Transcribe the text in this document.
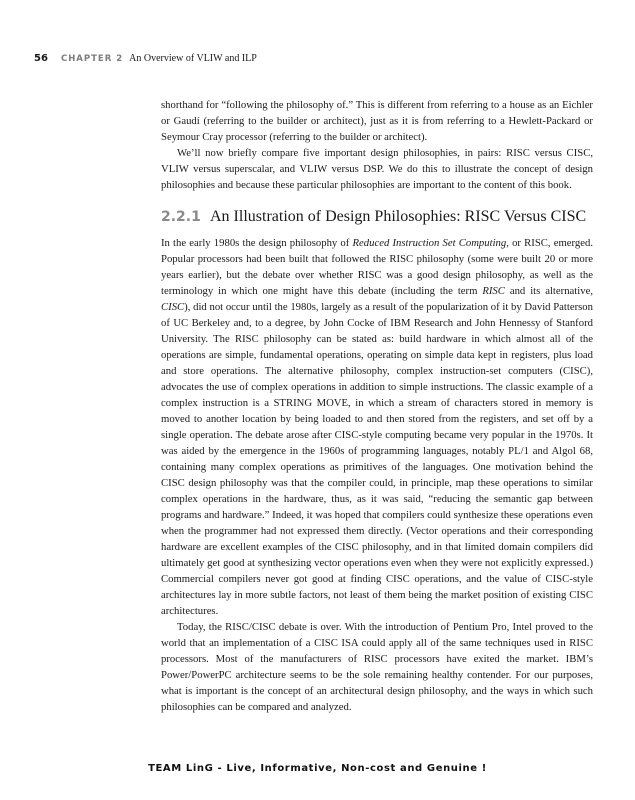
56 CHAPTER 2 An Overview of VLIW and ILP

shorthand for “following the philosophy of.” This is different from referring to a house as an Eichler or Gaudí (referring to the builder or architect), just as it is from referring to a Hewlett-Packard or Seymour Cray processor (referring to the builder or architect).

We’ll now briefly compare five important design philosophies, in pairs: RISC versus CISC, VLIW versus superscalar, and VLIW versus DSP. We do this to illustrate the concept of design philosophies and because these particular philosophies are important to the content of this book.

2.2.1 An Illustration of Design Philosophies: RISC Versus CISC

In the early 1980s the design philosophy of Reduced Instruction Set Computing, or RISC, emerged. Popular processors had been built that followed the RISC philosophy (some were built 20 or more years earlier), but the debate over whether RISC was a good design philosophy, as well as the terminology in which one might have this debate (including the term RISC and its alternative, CISC), did not occur until the 1980s, largely as a result of the popularization of it by David Patterson of UC Berkeley and, to a degree, by John Cocke of IBM Research and John Hennessy of Stanford University. The RISC philosophy can be stated as: build hardware in which almost all of the operations are simple, fundamental operations, operating on simple data kept in registers, plus load and store operations. The alternative philosophy, complex instruction-set computers (CISC), advocates the use of complex operations in addition to simple instructions. The classic example of a complex instruction is a STRING MOVE, in which a stream of characters stored in memory is moved to another location by being loaded to and then stored from the registers, and set off by a single operation. The debate arose after CISC-style computing became very popular in the 1970s. It was aided by the emergence in the 1960s of programming languages, notably PL/1 and Algol 68, containing many complex operations as primitives of the languages. One motivation behind the CISC design philosophy was that the compiler could, in principle, map these operations to similar complex operations in the hardware, thus, as it was said, “reducing the semantic gap between programs and hardware.” Indeed, it was hoped that compilers could synthesize these operations even when the programmer had not expressed them directly. (Vector operations and their corresponding hardware are excellent examples of the CISC philosophy, and in that limited domain compilers did ultimately get good at synthesizing vector operations even when they were not explicitly expressed.) Commercial compilers never got good at finding CISC operations, and the value of CISC-style architectures lay in more subtle factors, not least of them being the market position of existing CISC architectures.

Today, the RISC/CISC debate is over. With the introduction of Pentium Pro, Intel proved to the world that an implementation of a CISC ISA could apply all of the same techniques used in RISC processors. Most of the manufacturers of RISC processors have exited the market. IBM’s Power/PowerPC architecture seems to be the sole remaining healthy contender. For our purposes, what is important is the concept of an architectural design philosophy, and the ways in which such philosophies can be compared and analyzed.

TEAM LinG - Live, Informative, Non-cost and Genuine !
